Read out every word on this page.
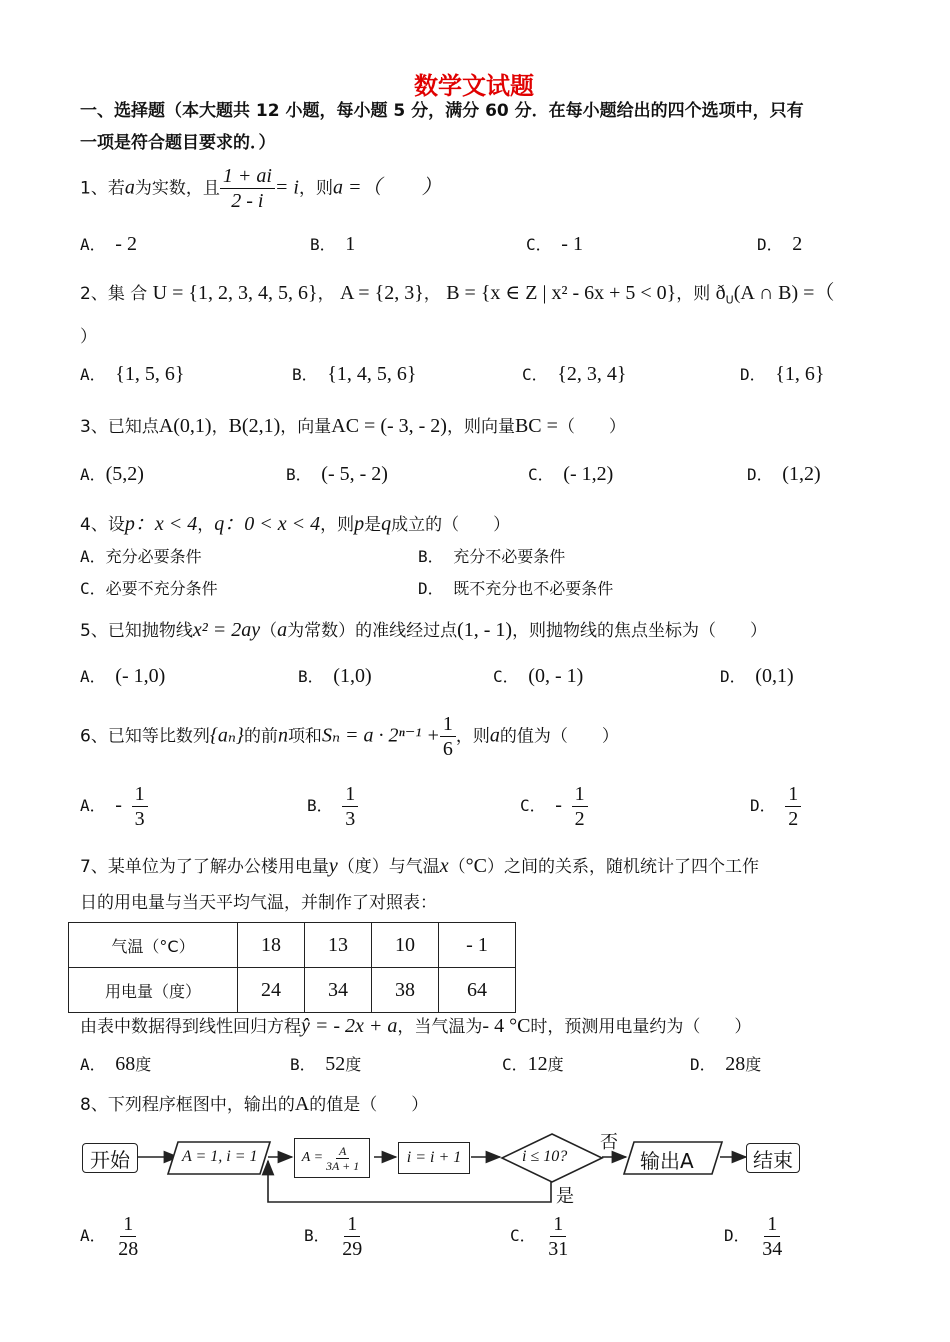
数学文试题
一、选择题（本大题共 12 小题，每小题 5 分，满分 60 分．在每小题给出的四个选项中，只有
一项是符合题目要求的．）
1、若a为实数，且 $\frac{1 + ai}{2 - i} = i$，则a =（　　）
A． - 2	B． 1	C． - 1	D． 2
2、集 合 U = {1, 2, 3, 4, 5, 6}， A = {2, 3}， B = {x ∈ Z | x² - 6x + 5 < 0}，则 $ð_U(A$ ∩ B) =（
）
A． {1, 5, 6}	B． {1, 4, 5, 6}	C． {2, 3, 4}	D． {1, 6}
3、已知点A(0,1)，B(2,1)，向量AC = (- 3, - 2)，则向量BC =（　　）
A．(5,2)	B． (- 5, - 2)	C． (- 1,2)	D． (1,2)
4、设p：x < 4，q：0 < x < 4，则p是q成立的（　　）
A．充分必要条件	B． 充分不必要条件
C．必要不充分条件	D． 既不充分也不必要条件
5、已知抛物线x² = 2ay（a为常数）的准线经过点(1, - 1)，则抛物线的焦点坐标为（　　）
A． (- 1,0)	B． (1,0)	C． (0, - 1)	D． (0,1)
6、已知等比数列{aₙ}的前n项和$S_n = a \cdot 2^{n-1} + \frac{1}{6}$ ，则a的值为（　　）
A． - $\frac{1}{3}$	B． $\frac{1}{3}$	C． - $\frac{1}{2}$	D． $\frac{1}{2}$
7、某单位为了了解办公楼用电量y（度）与气温x（°C）之间的关系，随机统计了四个工作
日的用电量与当天平均气温，并制作了对照表：
气温（°C）	18	13	10	- 1
用电量（度）	24	34	38	64
由表中数据得到线性回归方程ŷ = - 2x + a，当气温为- 4 °C时，预测用电量约为（　　）
A． 68度	B． 52度	C．12度	D． 28度
8、下列程序框图中，输出的A的值是（　　）
开始	A = 1, i = 1	$A = \frac{A}{3A + 1}$	i = i + 1	i ≤ 10?
否
是
输出A	结束
A． $\frac{1}{28}$	B． $\frac{1}{29}$	C． $\frac{1}{31}$	D． $\frac{1}{34}$
